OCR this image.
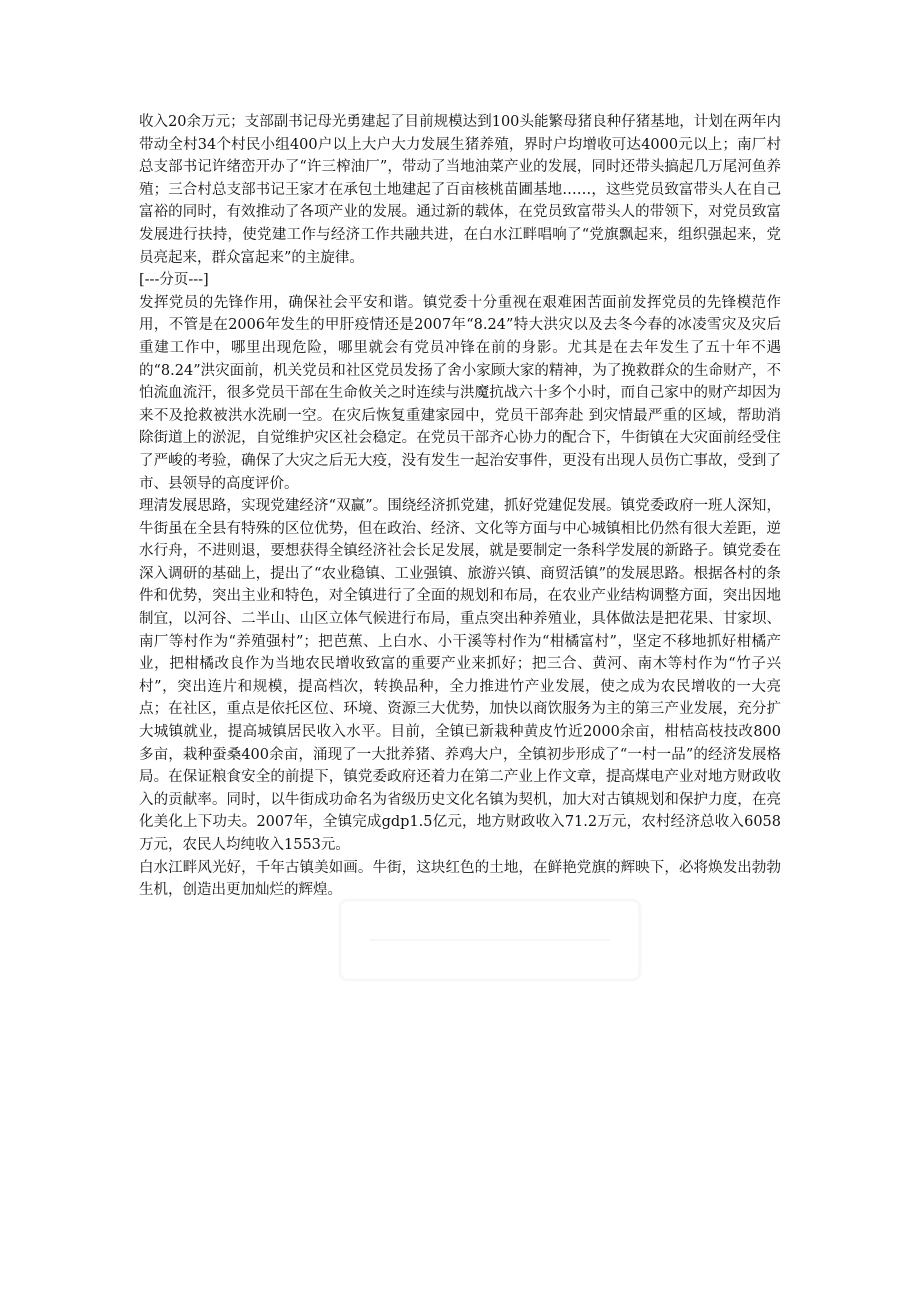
收入20余万元；支部副书记母光勇建起了目前规模达到100头能繁母猪良种仔猪基地，计划在两年内带动全村34个村民小组400户以上大户大力发展生猪养殖，界时户均增收可达4000元以上；南厂村总支部书记许绪峦开办了“许三榨油厂”，带动了当地油菜产业的发展，同时还带头搞起几万尾河鱼养殖；三合村总支部书记王家才在承包土地建起了百亩核桃苗圃基地……，这些党员致富带头人在自己富裕的同时，有效推动了各项产业的发展。通过新的载体，在党员致富带头人的带领下，对党员致富发展进行扶持，使党建工作与经济工作共融共进，在白水江畔唱响了“党旗飘起来，组织强起来，党员亮起来，群众富起来”的主旋律。

[---分页---]

发挥党员的先锋作用，确保社会平安和谐。镇党委十分重视在艰难困苦面前发挥党员的先锋模范作用，不管是在2006年发生的甲肝疫情还是2007年“8.24”特大洪灾以及去冬今春的冰凌雪灾及灾后重建工作中，哪里出现危险，哪里就会有党员冲锋在前的身影。尤其是在去年发生了五十年不遇的“8.24”洪灾面前，机关党员和社区党员发扬了舍小家顾大家的精神，为了挽救群众的生命财产，不怕流血流汗，很多党员干部在生命攸关之时连续与洪魔抗战六十多个小时，而自己家中的财产却因为来不及抢救被洪水洗刷一空。在灾后恢复重建家园中，党员干部奔赴 到灾情最严重的区域，帮助消除街道上的淤泥，自觉维护灾区社会稳定。在党员干部齐心协力的配合下，牛街镇在大灾面前经受住了严峻的考验，确保了大灾之后无大疫，没有发生一起治安事件，更没有出现人员伤亡事故，受到了市、县领导的高度评价。

理清发展思路，实现党建经济“双赢”。围绕经济抓党建，抓好党建促发展。镇党委政府一班人深知，牛街虽在全县有特殊的区位优势，但在政治、经济、文化等方面与中心城镇相比仍然有很大差距，逆水行舟，不进则退，要想获得全镇经济社会长足发展，就是要制定一条科学发展的新路子。镇党委在深入调研的基础上，提出了“农业稳镇、工业强镇、旅游兴镇、商贸活镇”的发展思路。根据各村的条件和优势，突出主业和特色，对全镇进行了全面的规划和布局，在农业产业结构调整方面，突出因地制宜，以河谷、二半山、山区立体气候进行布局，重点突出种养殖业，具体做法是把花果、甘家坝、南厂等村作为“养殖强村”；把芭蕉、上白水、小干溪等村作为“柑橘富村”，坚定不移地抓好柑橘产业，把柑橘改良作为当地农民增收致富的重要产业来抓好；把三合、黄河、南木等村作为“竹子兴村”，突出连片和规模，提高档次，转换品种，全力推进竹产业发展，使之成为农民增收的一大亮点；在社区，重点是依托区位、环境、资源三大优势，加快以商饮服务为主的第三产业发展，充分扩大城镇就业，提高城镇居民收入水平。目前，全镇已新栽种黄皮竹近2000余亩，柑桔高枝技改800多亩，栽种蚕桑400余亩，涌现了一大批养猪、养鸡大户，全镇初步形成了“一村一品”的经济发展格局。在保证粮食安全的前提下，镇党委政府还着力在第二产业上作文章，提高煤电产业对地方财政收入的贡献率。同时，以牛街成功命名为省级历史文化名镇为契机，加大对古镇规划和保护力度，在亮化美化上下功夫。2007年，全镇完成gdp1.5亿元，地方财政收入71.2万元，农村经济总收入6058万元，农民人均纯收入1553元。

白水江畔风光好，千年古镇美如画。牛街，这块红色的土地，在鲜艳党旗的辉映下，必将焕发出勃勃生机，创造出更加灿烂的辉煌。
